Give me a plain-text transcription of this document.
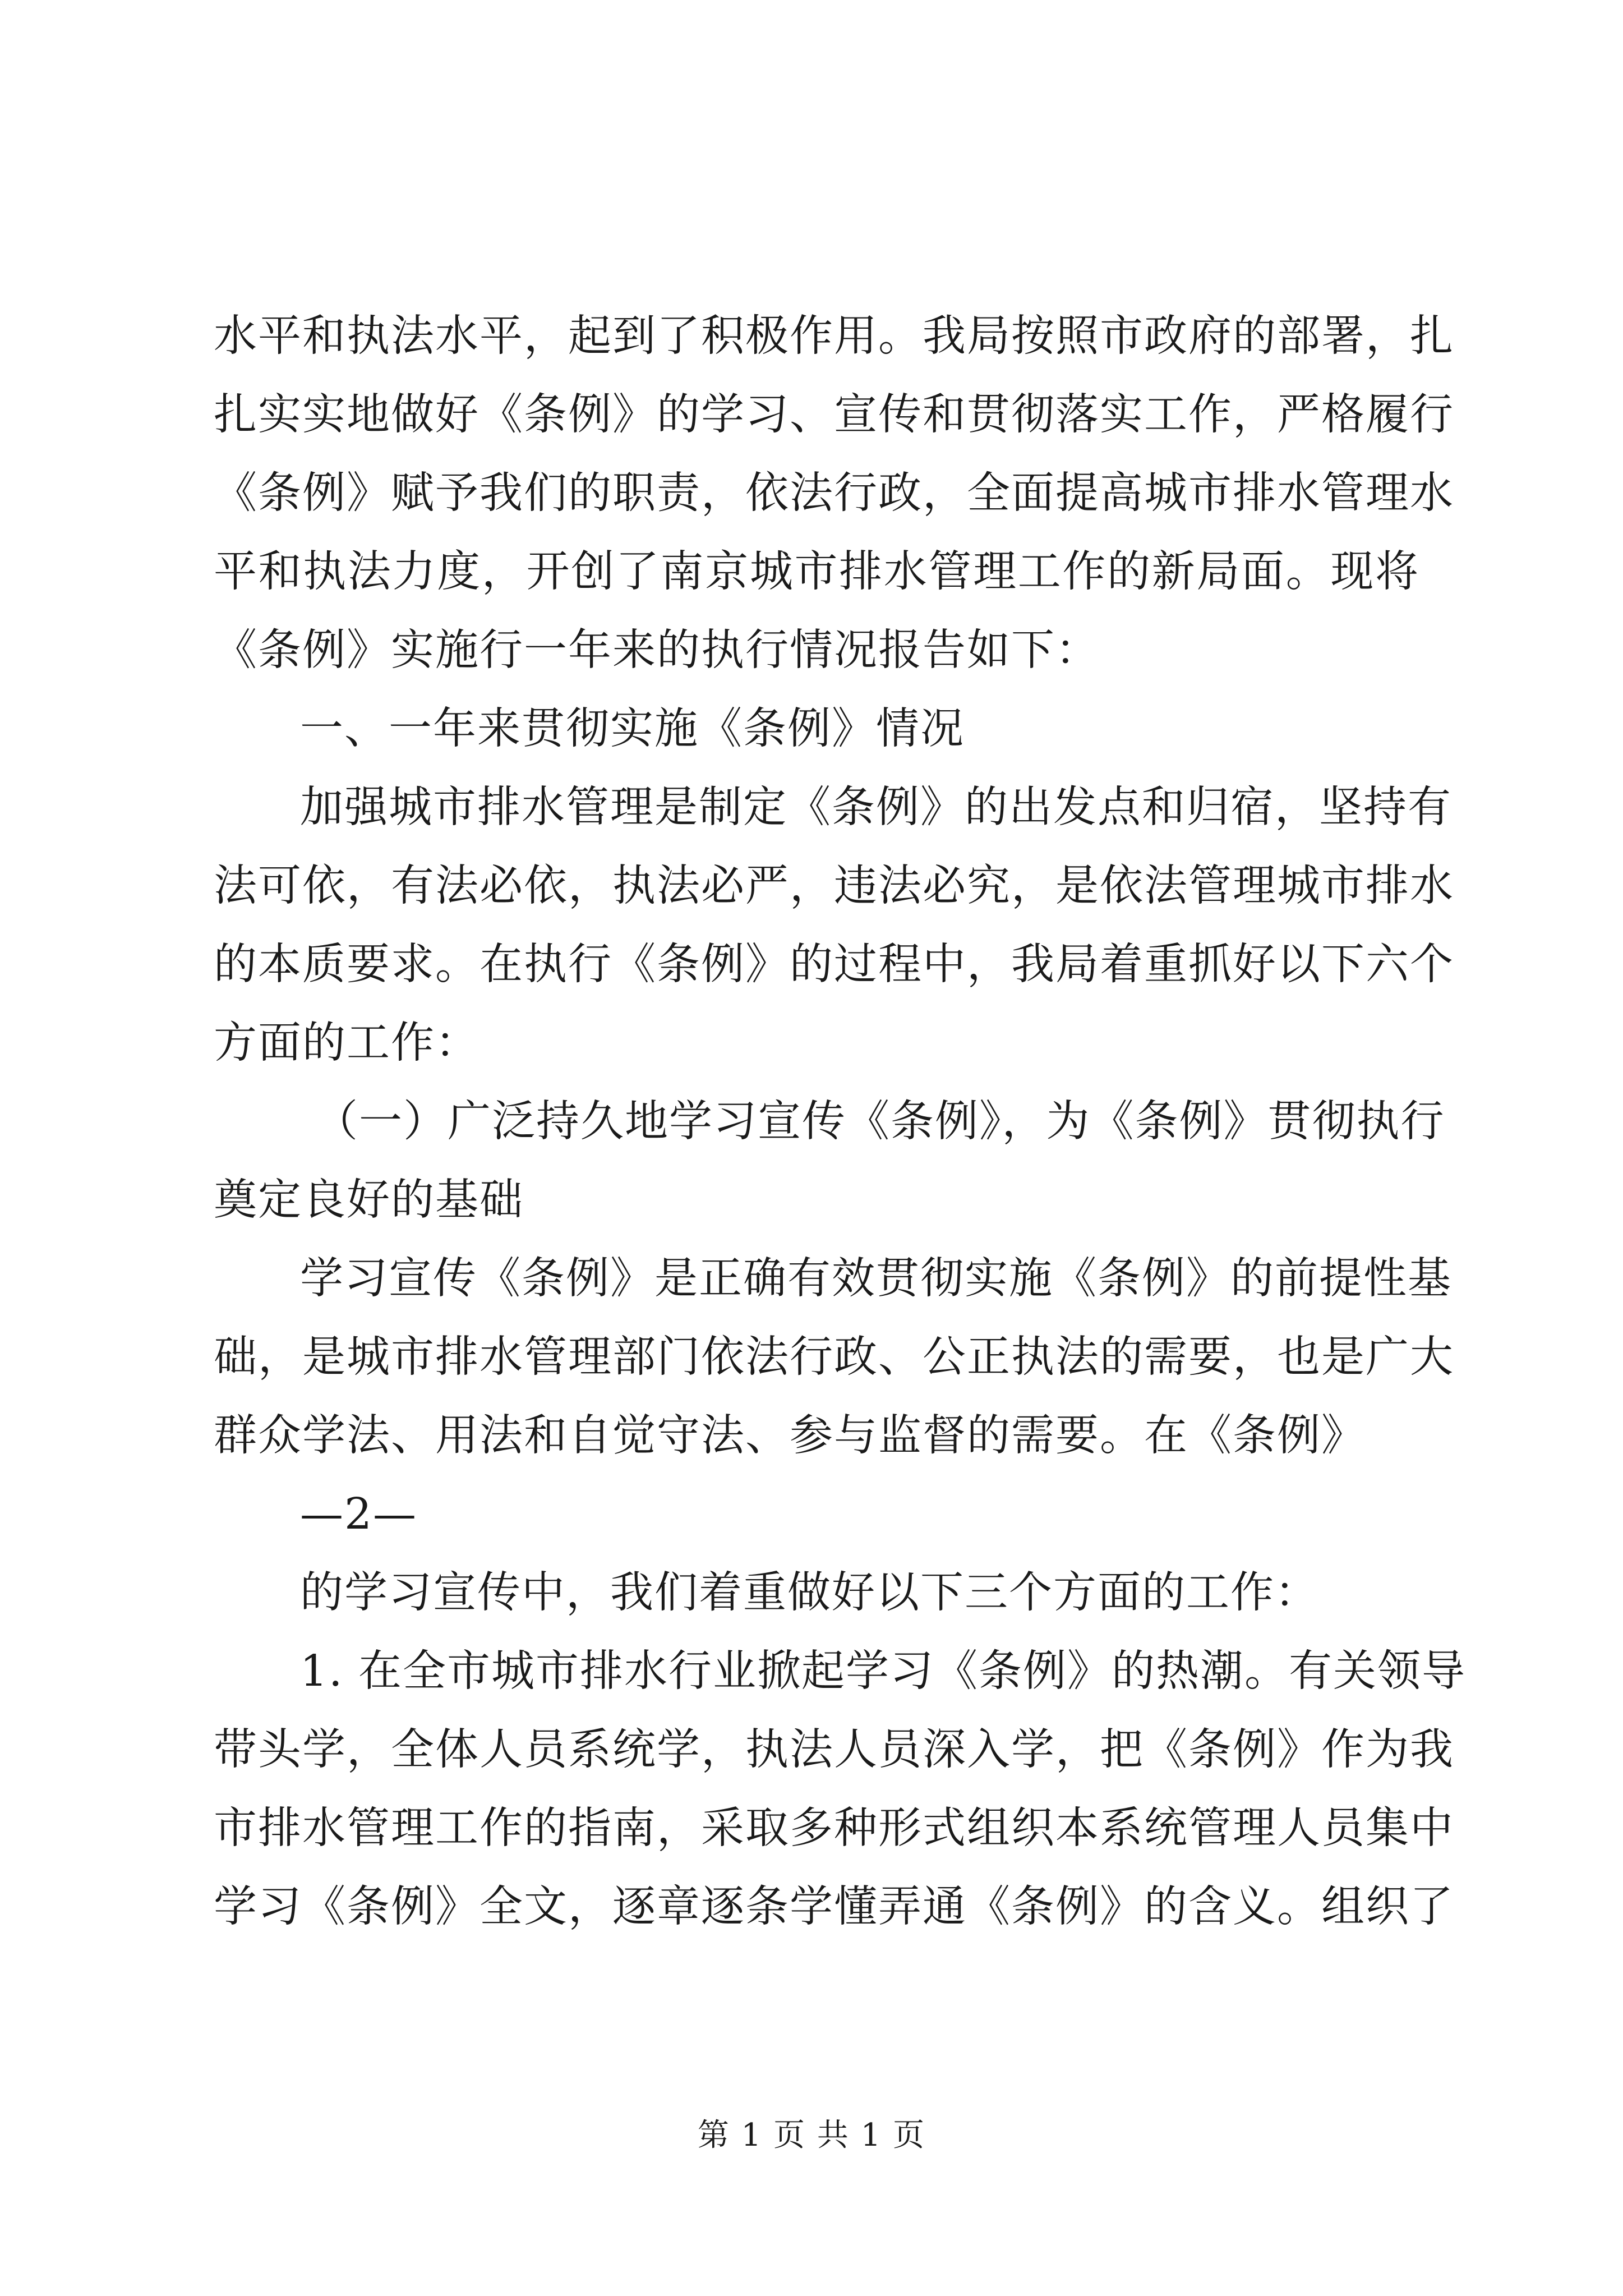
水平和执法水平，起到了积极作用。我局按照市政府的部署，扎
扎实实地做好《条例》的学习、宣传和贯彻落实工作，严格履行
《条例》赋予我们的职责，依法行政，全面提高城市排水管理水
平和执法力度，开创了南京城市排水管理工作的新局面。现将
《条例》实施行一年来的执行情况报告如下：
一、一年来贯彻实施《条例》情况
加强城市排水管理是制定《条例》的出发点和归宿，坚持有
法可依，有法必依，执法必严，违法必究，是依法管理城市排水
的本质要求。在执行《条例》的过程中，我局着重抓好以下六个
方面的工作：
（一）广泛持久地学习宣传《条例》，为《条例》贯彻执行
奠定良好的基础
学习宣传《条例》是正确有效贯彻实施《条例》的前提性基
础，是城市排水管理部门依法行政、公正执法的需要，也是广大
群众学法、用法和自觉守法、参与监督的需要。在《条例》
—2—
的学习宣传中，我们着重做好以下三个方面的工作：
1. 在全市城市排水行业掀起学习《条例》的热潮。有关领导
带头学，全体人员系统学，执法人员深入学，把《条例》作为我
市排水管理工作的指南，采取多种形式组织本系统管理人员集中
学习《条例》全文，逐章逐条学懂弄通《条例》的含义。组织了
第 1 页 共 1 页
